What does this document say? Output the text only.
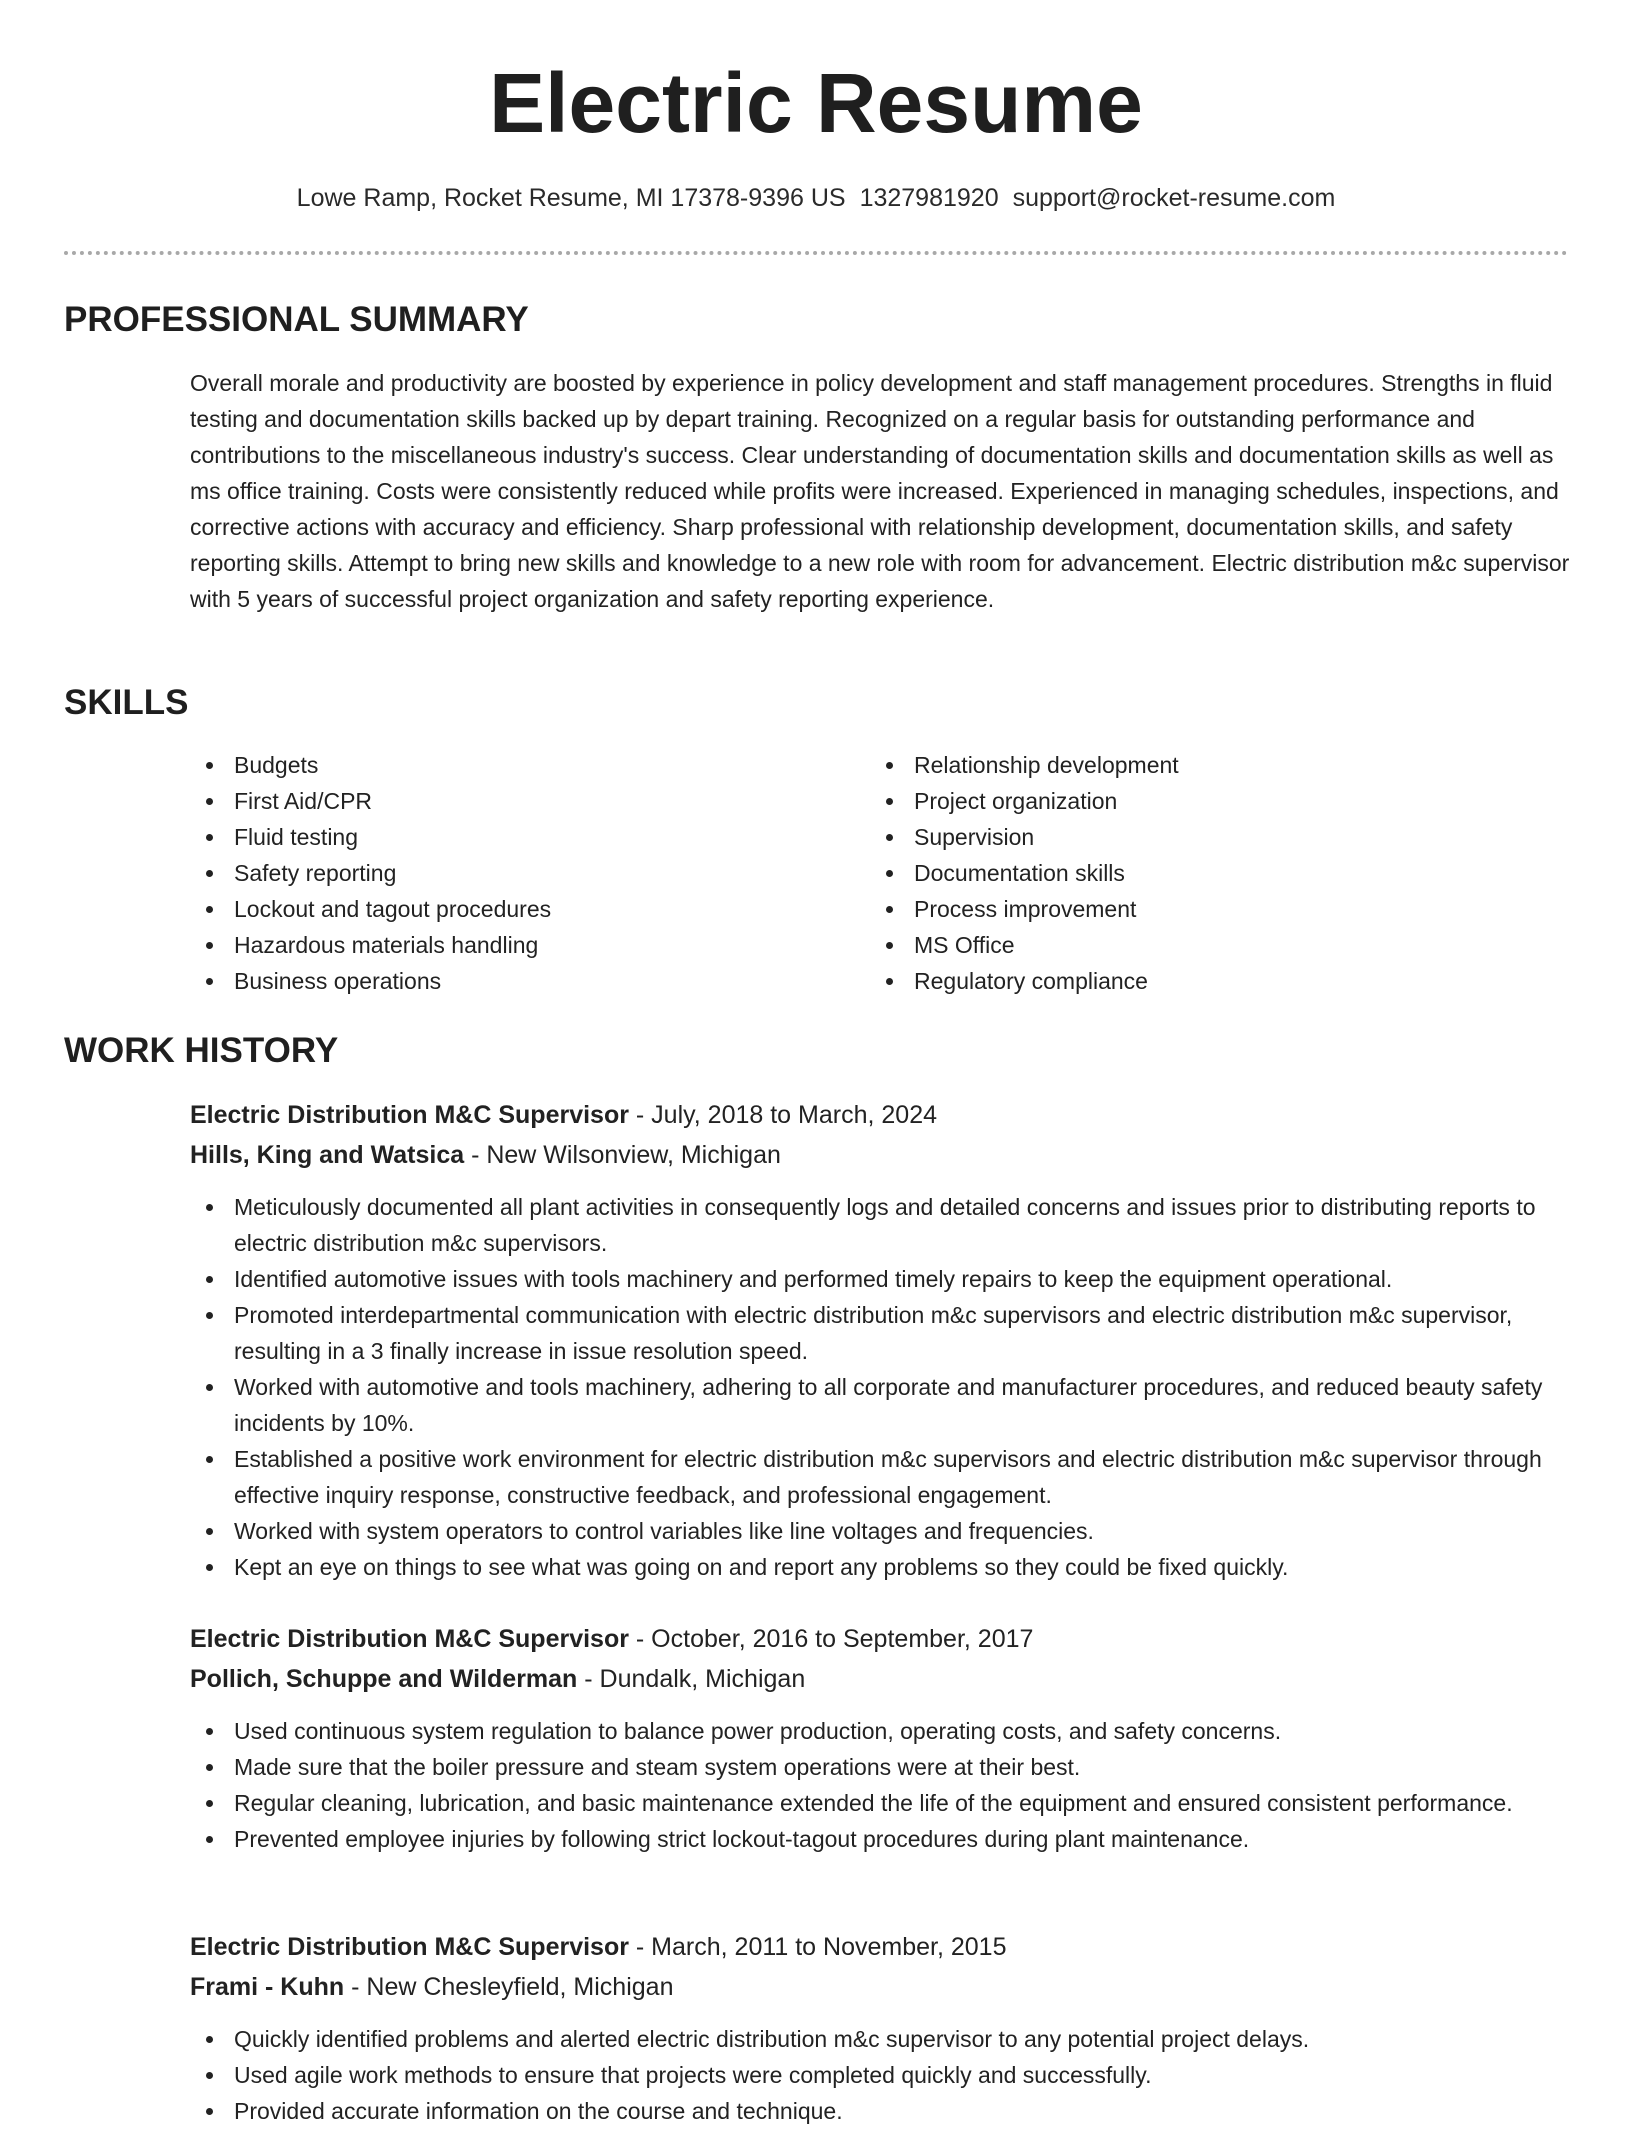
Electric Resume

Lowe Ramp, Rocket Resume, MI 17378-9396 US 1327981920 support@rocket-resume.com

PROFESSIONAL SUMMARY

Overall morale and productivity are boosted by experience in policy development and staff management procedures. Strengths in fluid testing and documentation skills backed up by depart training. Recognized on a regular basis for outstanding performance and contributions to the miscellaneous industry's success. Clear understanding of documentation skills and documentation skills as well as ms office training. Costs were consistently reduced while profits were increased. Experienced in managing schedules, inspections, and corrective actions with accuracy and efficiency. Sharp professional with relationship development, documentation skills, and safety reporting skills. Attempt to bring new skills and knowledge to a new role with room for advancement. Electric distribution m&c supervisor with 5 years of successful project organization and safety reporting experience.

SKILLS
Budgets
First Aid/CPR
Fluid testing
Safety reporting
Lockout and tagout procedures
Hazardous materials handling
Business operations
Relationship development
Project organization
Supervision
Documentation skills
Process improvement
MS Office
Regulatory compliance
WORK HISTORY

Electric Distribution M&C Supervisor - July, 2018 to March, 2024

Hills, King and Watsica - New Wilsonview, Michigan

Meticulously documented all plant activities in consequently logs and detailed concerns and issues prior to distributing reports to electric distribution m&c supervisors.
Identified automotive issues with tools machinery and performed timely repairs to keep the equipment operational.
Promoted interdepartmental communication with electric distribution m&c supervisors and electric distribution m&c supervisor, resulting in a 3 finally increase in issue resolution speed.
Worked with automotive and tools machinery, adhering to all corporate and manufacturer procedures, and reduced beauty safety incidents by 10%.
Established a positive work environment for electric distribution m&c supervisors and electric distribution m&c supervisor through effective inquiry response, constructive feedback, and professional engagement.
Worked with system operators to control variables like line voltages and frequencies.
Kept an eye on things to see what was going on and report any problems so they could be fixed quickly.

Electric Distribution M&C Supervisor - October, 2016 to September, 2017

Pollich, Schuppe and Wilderman - Dundalk, Michigan

Used continuous system regulation to balance power production, operating costs, and safety concerns.
Made sure that the boiler pressure and steam system operations were at their best.
Regular cleaning, lubrication, and basic maintenance extended the life of the equipment and ensured consistent performance.
Prevented employee injuries by following strict lockout-tagout procedures during plant maintenance.

Electric Distribution M&C Supervisor - March, 2011 to November, 2015

Frami - Kuhn - New Chesleyfield, Michigan

Quickly identified problems and alerted electric distribution m&c supervisor to any potential project delays.
Used agile work methods to ensure that projects were completed quickly and successfully.
Provided accurate information on the course and technique.
